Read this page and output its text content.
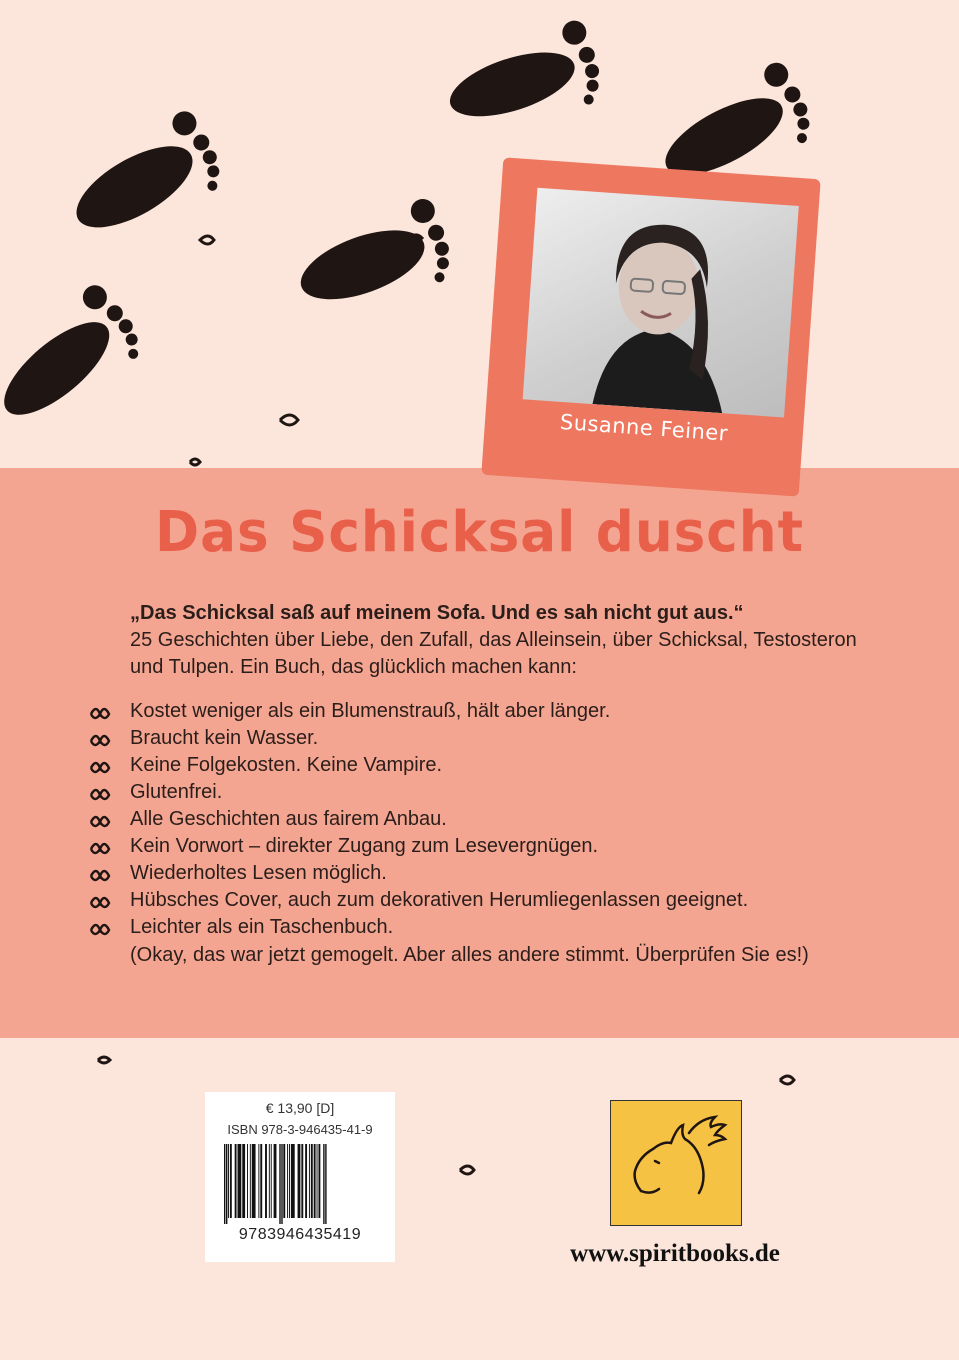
Susanne Feiner
Das Schicksal duscht
„Das Schicksal saß auf meinem Sofa. Und es sah nicht gut aus.“
25 Geschichten über Liebe, den Zufall, das Alleinsein, über Schicksal, Testosteron und Tulpen. Ein Buch, das glücklich machen kann:
Kostet weniger als ein Blumenstrauß, hält aber länger.
Braucht kein Wasser.
Keine Folgekosten. Keine Vampire.
Glutenfrei.
Alle Geschichten aus fairem Anbau.
Kein Vorwort – direkter Zugang zum Lesevergnügen.
Wiederholtes Lesen möglich.
Hübsches Cover, auch zum dekorativen Herumliegenlassen geeignet.
Leichter als ein Taschenbuch.
(Okay, das war jetzt gemogelt. Aber alles andere stimmt. Überprüfen Sie es!)
€ 13,90 [D]
ISBN 978-3-946435-41-9
9783946435419
www.spiritbooks.de
